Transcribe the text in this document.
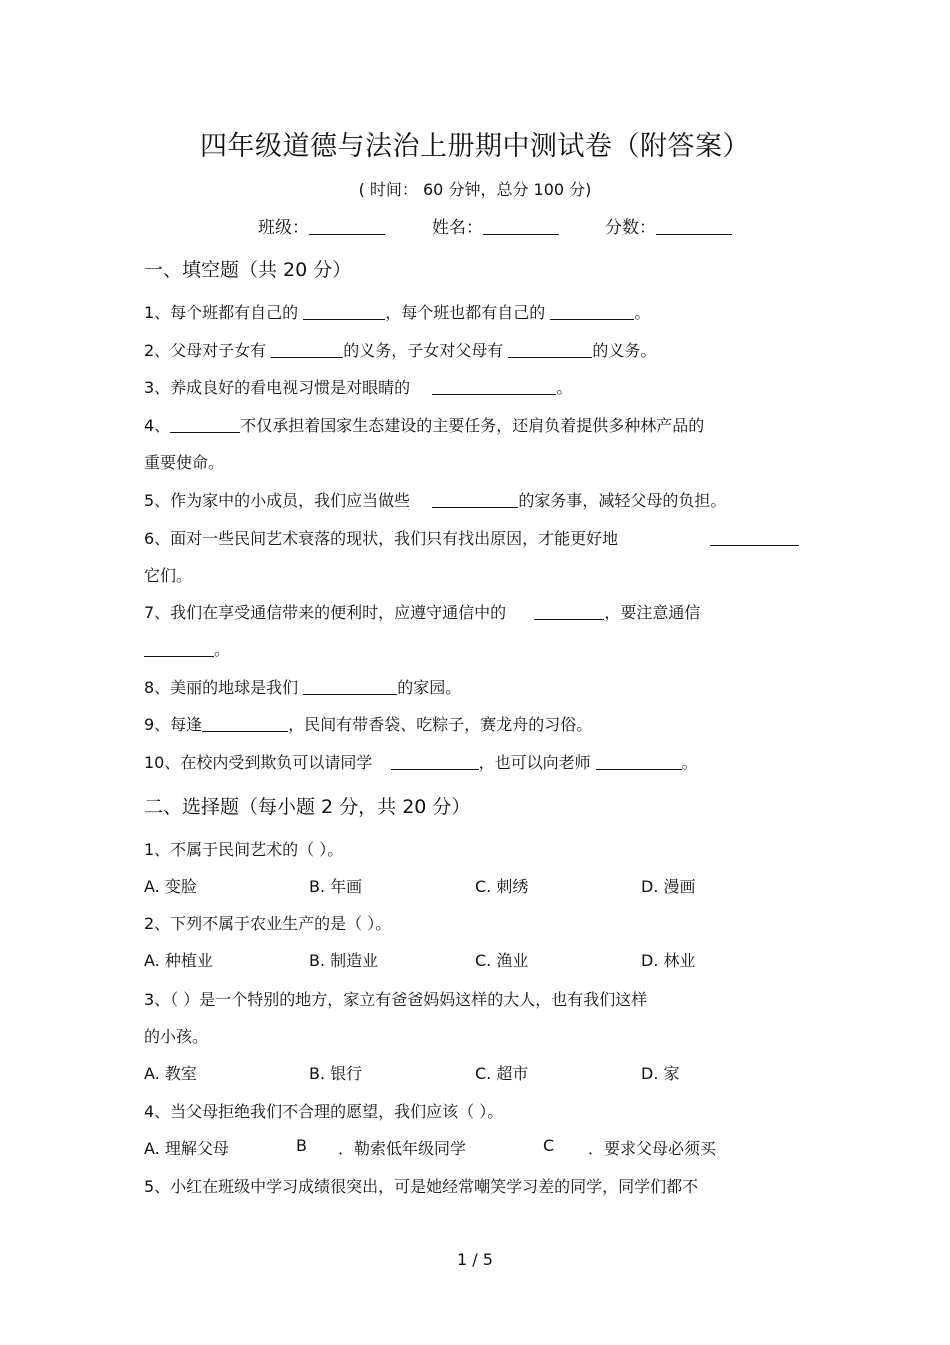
四年级道德与法治上册期中测试卷（附答案）
( 时间： 60 分钟，总分 100 分)
班级：	姓名：	分数：
一、填空题（共 20 分）
1、每个班都有自己的	，每个班也都有自己的	。
2、父母对子女有	的义务，子女对父母有	的义务。
3、养成良好的看电视习惯是对眼睛的	。
4、	不仅承担着国家生态建设的主要任务，还肩负着提供多种林产品的
重要使命。
5、作为家中的小成员，我们应当做些	的家务事，减轻父母的负担。
6、面对一些民间艺术衰落的现状，我们只有找出原因，才能更好地
它们。
7、我们在享受通信带来的便利时，应遵守通信中的	，要注意通信
。
8、美丽的地球是我们	的家园。
9、每逢	，民间有带香袋、吃粽子，赛龙舟的习俗。
10、在校内受到欺负可以请同学	，也可以向老师	。
二、选择题（每小题 2 分，共 20 分）
1、不属于民间艺术的（ ）。
A. 变脸	B. 年画	C. 刺绣	D. 漫画
2、下列不属于农业生产的是（ ）。
A. 种植业	B. 制造业	C. 渔业	D. 林业
3、（ ）是一个特别的地方，家立有爸爸妈妈这样的大人，也有我们这样
的小孩。
A. 教室	B. 银行	C. 超市	D. 家
4、当父母拒绝我们不合理的愿望，我们应该（ ）。
A. 理解父母	B ．勒索低年级同学	C ．要求父母必须买
5、小红在班级中学习成绩很突出，可是她经常嘲笑学习差的同学，同学们都不
1 / 5
